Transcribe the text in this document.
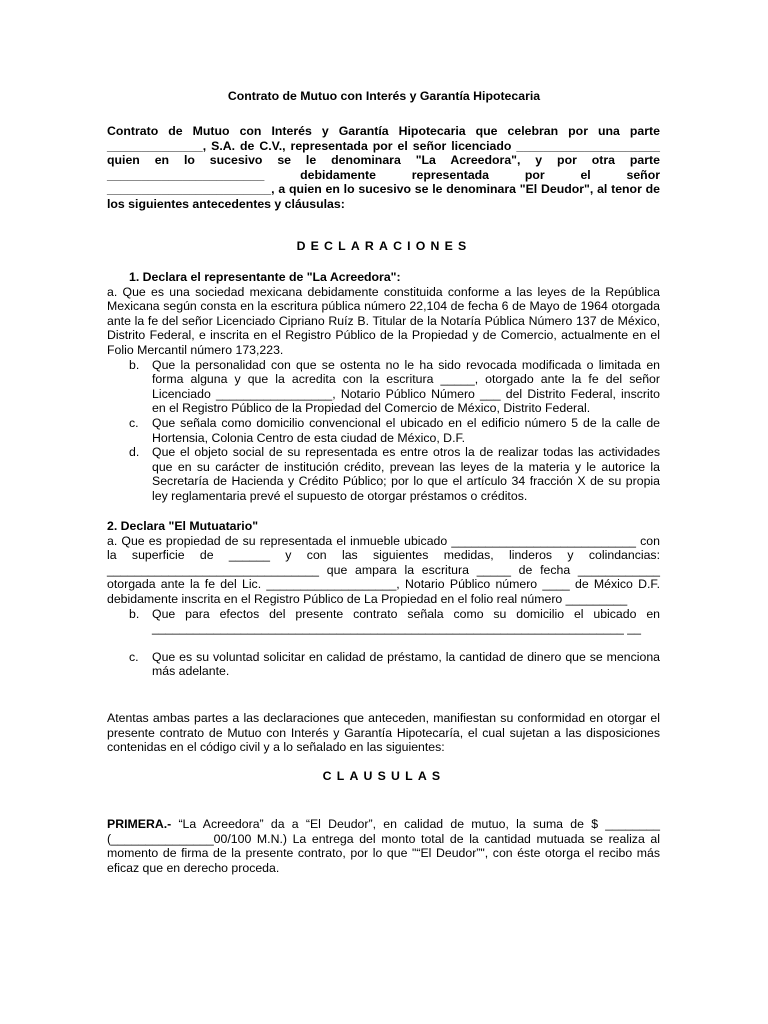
Contrato de Mutuo con Interés y Garantía Hipotecaria

Contrato de Mutuo con Interés y Garantía Hipotecaria que celebran por una parte ______________, S.A. de C.V., representada por el señor licenciado _____________________ quien en lo sucesivo se le denominara "La Acreedora", y por otra parte _______________________ debidamente representada por el señor ________________________, a quien en lo sucesivo se le denominara "El Deudor", al tenor de los siguientes antecedentes y cláusulas:

DECLARACIONES
1. Declara el representante de "La Acreedora":

a. Que es una sociedad mexicana debidamente constituida conforme a las leyes de la República Mexicana según consta en la escritura pública número 22,104 de fecha 6 de Mayo de 1964 otorgada ante la fe del señor Licenciado Cipriano Ruíz B. Titular de la Notaría Pública Número 137 de México, Distrito Federal, e inscrita en el Registro Público de la Propiedad y de Comercio, actualmente en el Folio Mercantil número 173,223.

b. Que la personalidad con que se ostenta no le ha sido revocada modificada o limitada en forma alguna y que la acredita con la escritura _____, otorgado ante la fe del señor Licenciado _________________, Notario Público Número ___ del Distrito Federal, inscrito en el Registro Público de la Propiedad del Comercio de México, Distrito Federal.
c. Que señala como domicilio convencional el ubicado en el edificio número 5 de la calle de Hortensia, Colonia Centro de esta ciudad de México, D.F.
d. Que el objeto social de su representada es entre otros la de realizar todas las actividades que en su carácter de institución crédito, prevean las leyes de la materia y le autorice la Secretaría de Hacienda y Crédito Público; por lo que el artículo 34 fracción X de su propia ley reglamentaria prevé el supuesto de otorgar préstamos o créditos.
2. Declara "El Mutuatario"

a. Que es propiedad de su representada el inmueble ubicado ___________________________ con la superficie de ______ y con las siguientes medidas, linderos y colindancias: _______________________________ que ampara la escritura _____ de fecha ____________ otorgada ante la fe del Lic. ___________________, Notario Público número ____ de México D.F. debidamente inscrita en el Registro Público de La Propiedad en el folio real número _________

b. Que para efectos del presente contrato señala como su domicilio el ubicado en _____________________________________________________________________ __
c. Que es su voluntad solicitar en calidad de préstamo, la cantidad de dinero que se menciona más adelante.
Atentas ambas partes a las declaraciones que anteceden, manifiestan su conformidad en otorgar el presente contrato de Mutuo con Interés y Garantía Hipotecaría, el cual sujetan a las disposiciones contenidas en el código civil y a lo señalado en las siguientes:
CLAUSULAS
PRIMERA.- “La Acreedora” da a “El Deudor”, en calidad de mutuo, la suma de $ ________ (_______________00/100 M.N.) La entrega del monto total de la cantidad mutuada se realiza al momento de firma de la presente contrato, por lo que "“El Deudor”", con éste otorga el recibo más eficaz que en derecho proceda.
